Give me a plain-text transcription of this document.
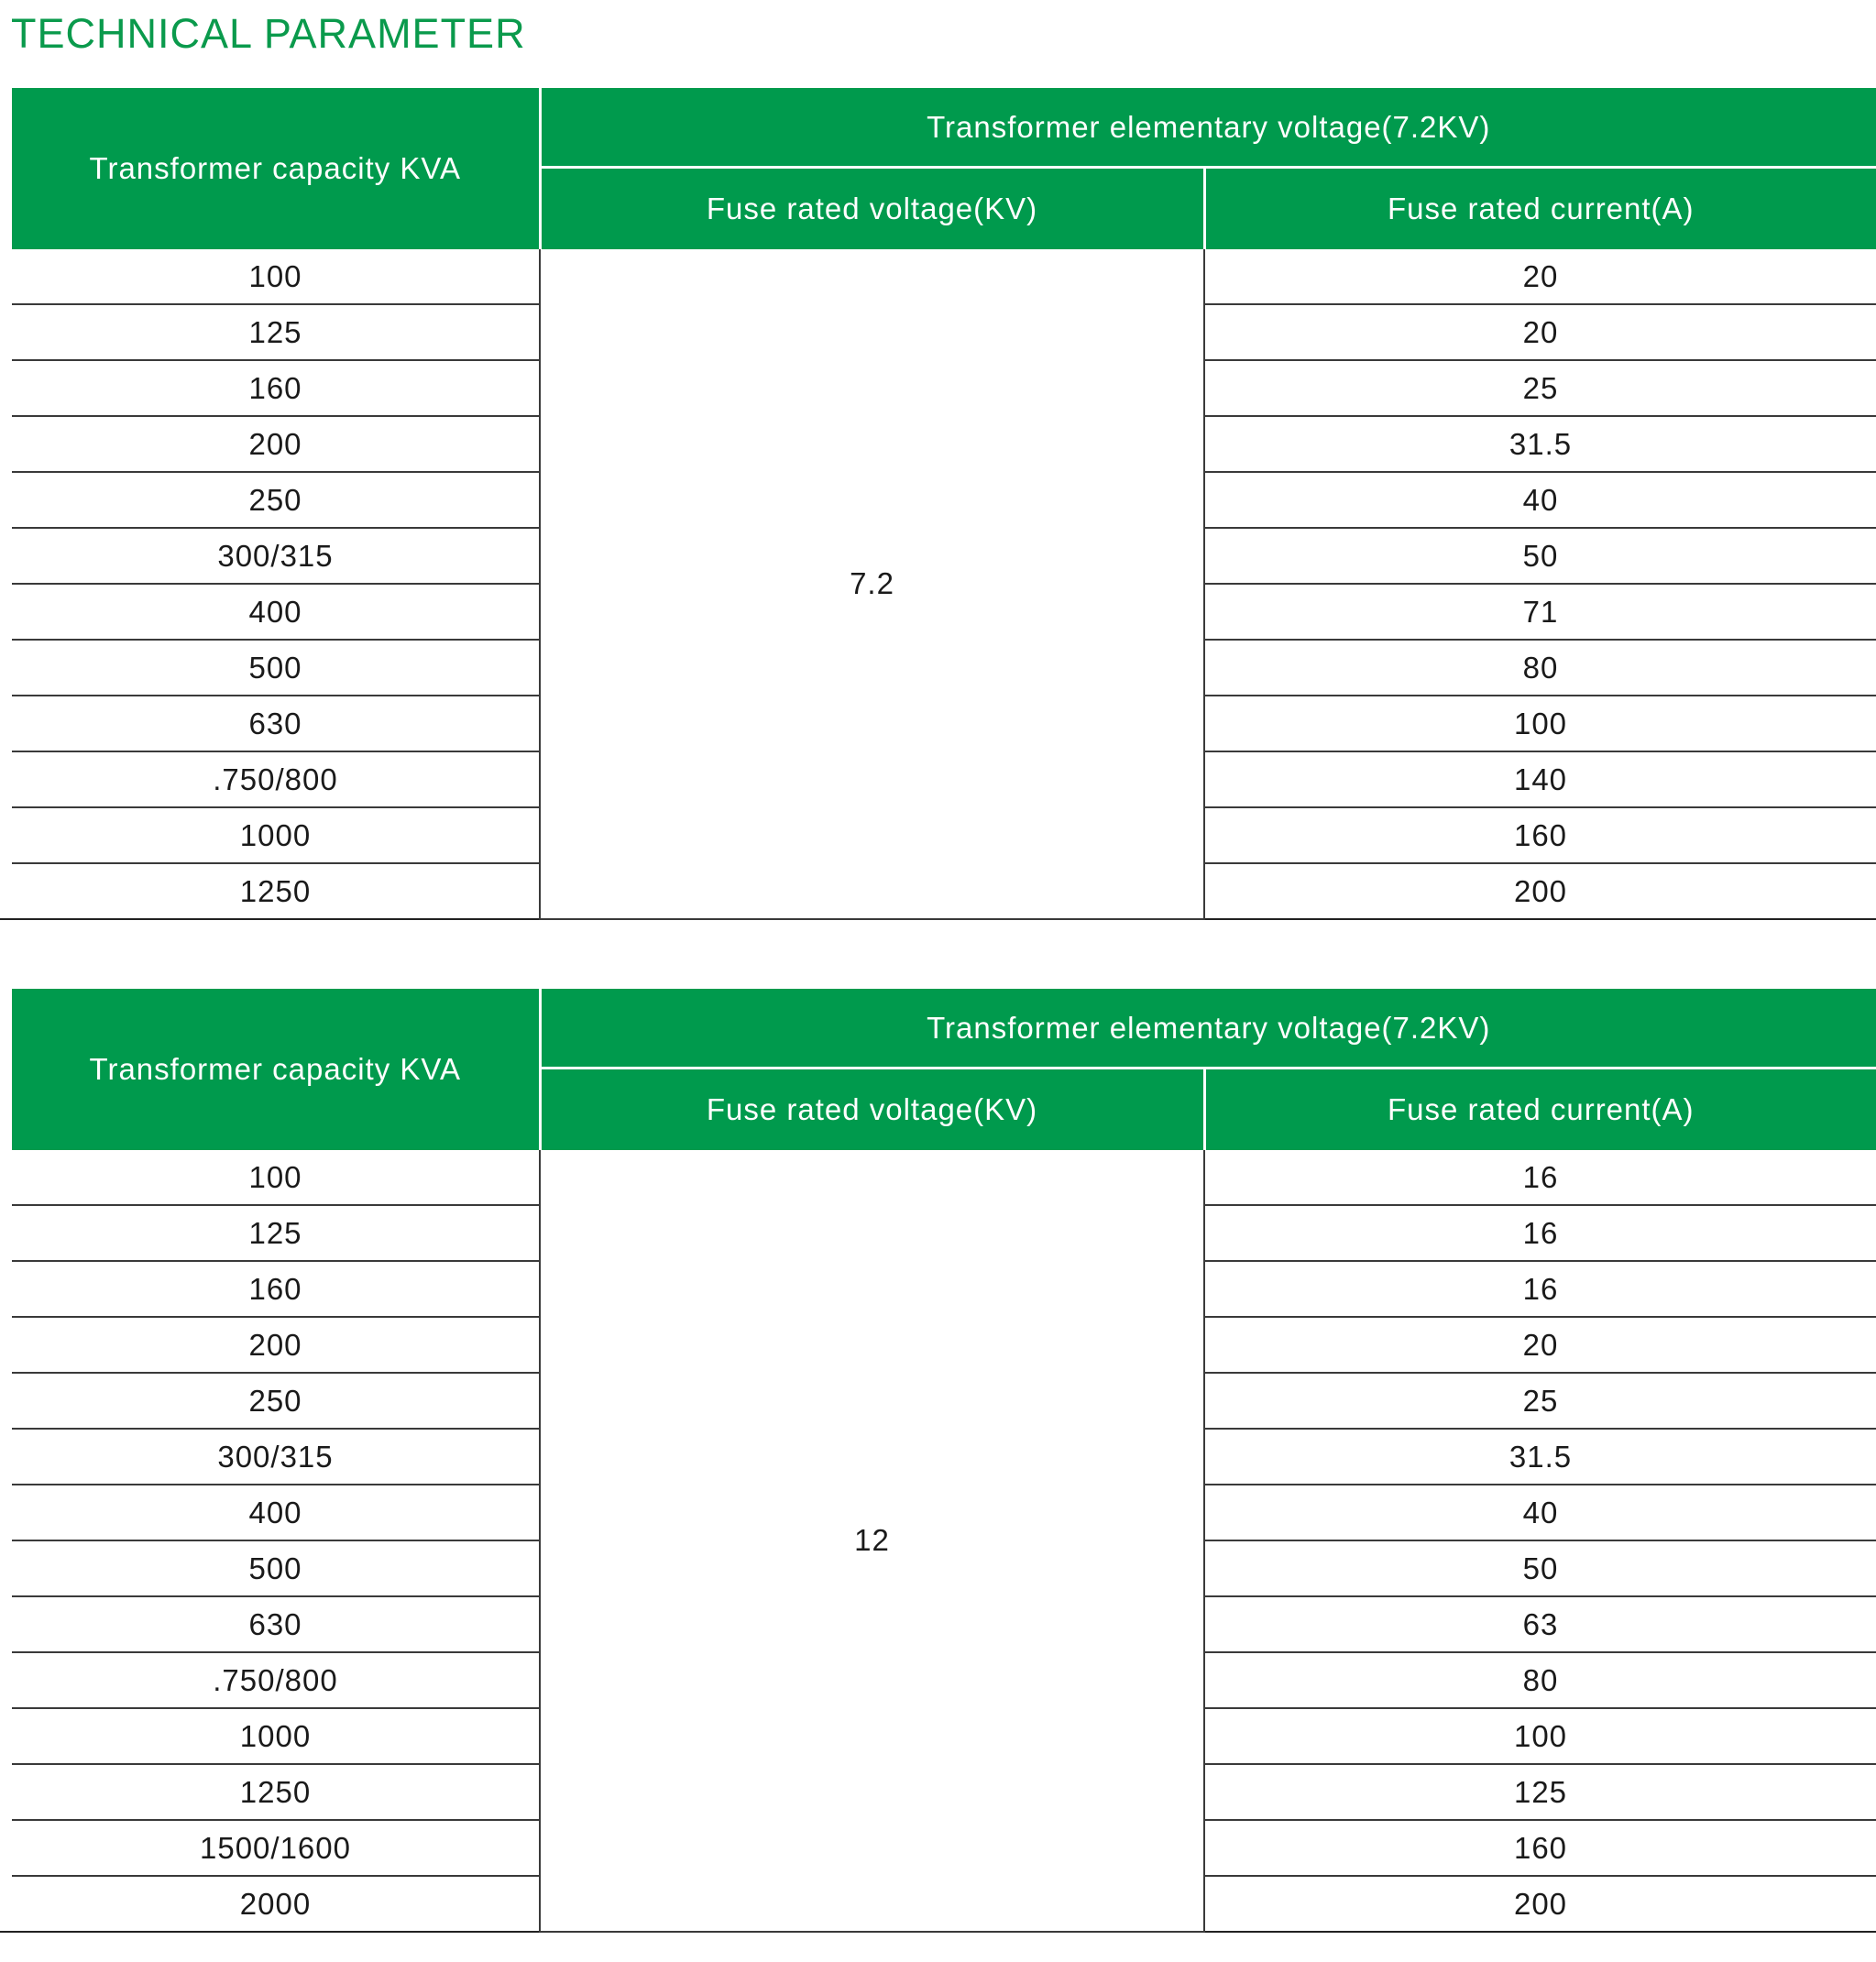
TECHNICAL PARAMETER
Transformer capacity KVA	Transformer elementary voltage(7.2KV)	
	Fuse rated voltage(KV)	Fuse rated current(A)
100	7.2	20
125		20
160		25
200		31.5
250		40
300/315		50
400		71
500		80
630		100
.750/800		140
1000		160
1250		200
Transformer capacity KVA	Transformer elementary voltage(7.2KV)	
	Fuse rated voltage(KV)	Fuse rated current(A)
100	12	16
125		16
160		16
200		20
250		25
300/315		31.5
400		40
500		50
630		63
.750/800		80
1000		100
1250		125
1500/1600		160
2000		200
